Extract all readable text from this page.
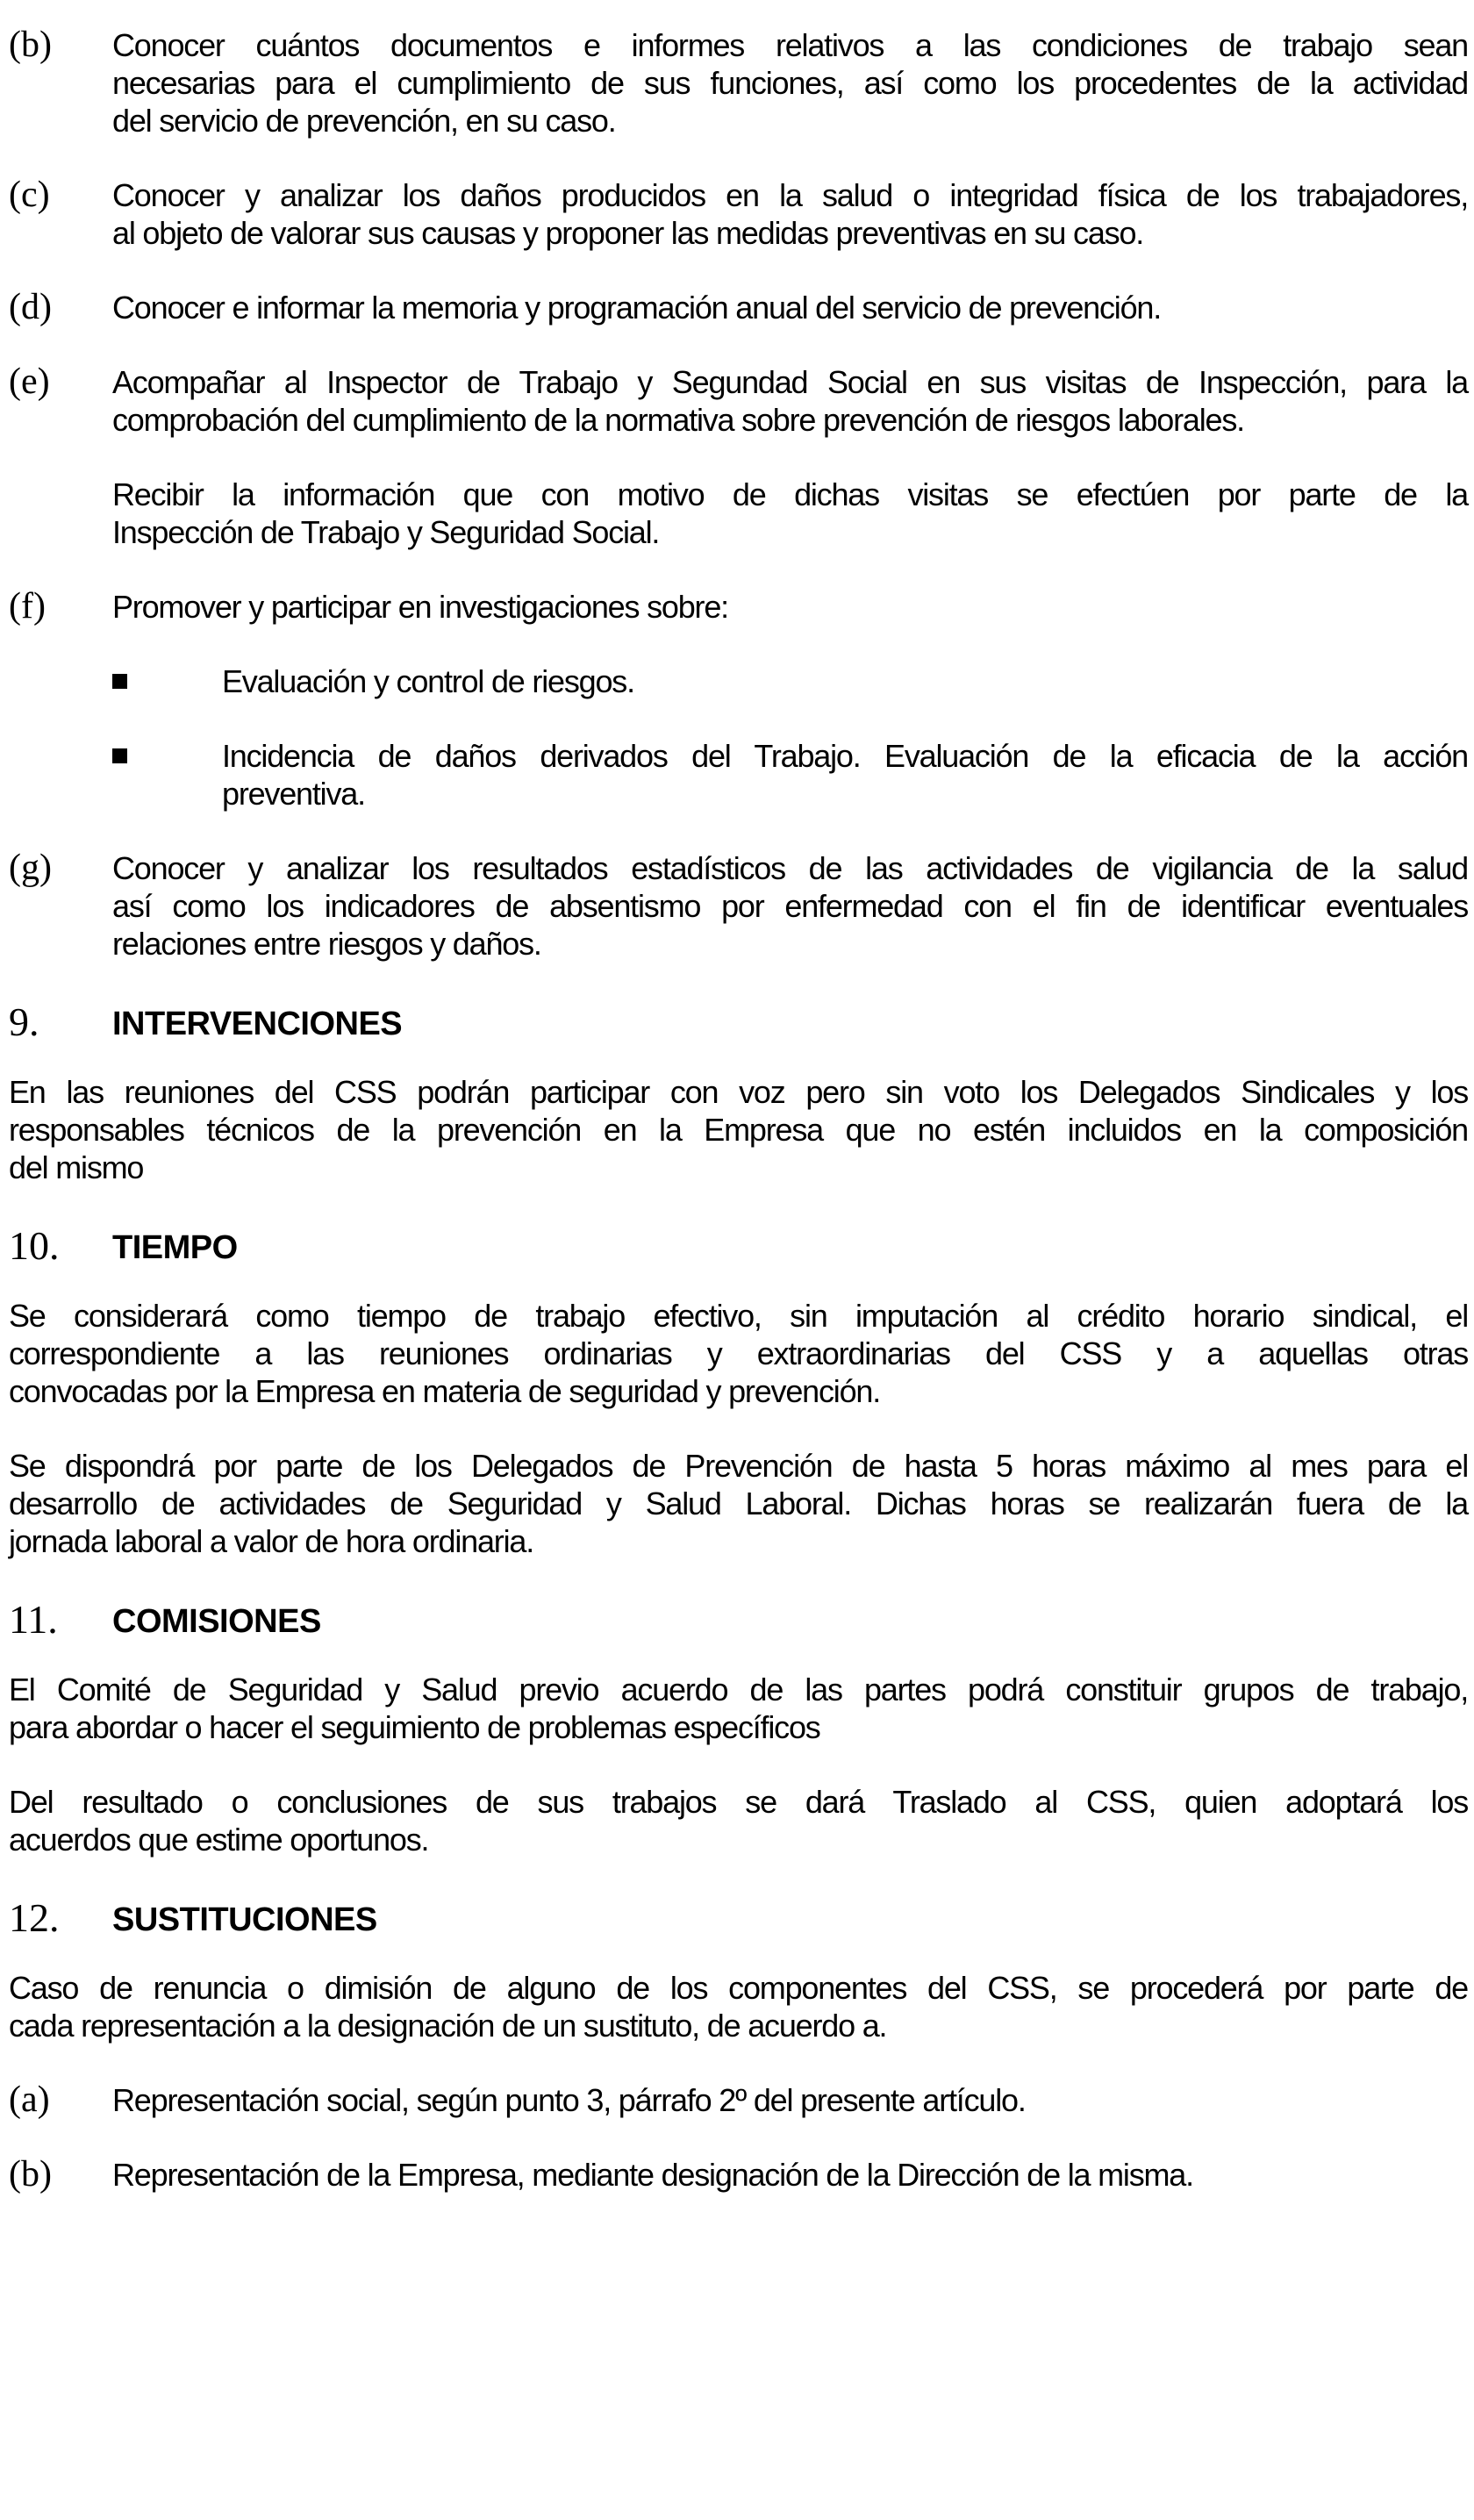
(b)	Conocer cuántos documentos e informes relativos a las condiciones de trabajo sean
necesarias para el cumplimiento de sus funciones, así como los procedentes de la actividad
del servicio de prevención, en su caso.
(c)	Conocer y analizar los daños producidos en la salud o integridad física de los trabajadores,
al objeto de valorar sus causas y proponer las medidas preventivas en su caso.
(d)	Conocer e informar la memoria y programación anual del servicio de prevención.
(e)	Acompañar al Inspector de Trabajo y Segundad Social en sus visitas de Inspección, para la
comprobación del cumplimiento de la normativa sobre prevención de riesgos laborales.
Recibir la información que con motivo de dichas visitas se efectúen por parte de la
Inspección de Trabajo y Seguridad Social.
(f)	Promover y participar en investigaciones sobre:
Evaluación y control de riesgos.
Incidencia de daños derivados del Trabajo. Evaluación de la eficacia de la acción
preventiva.
(g)	Conocer y analizar los resultados estadísticos de las actividades de vigilancia de la salud
así como los indicadores de absentismo por enfermedad con el fin de identificar eventuales
relaciones entre riesgos y daños.
9.	INTERVENCIONES
En las reuniones del CSS podrán participar con voz pero sin voto los Delegados Sindicales y los
responsables técnicos de la prevención en la Empresa que no estén incluidos en la composición
del mismo
10.	TIEMPO
Se considerará como tiempo de trabajo efectivo, sin imputación al crédito horario sindical, el
correspondiente a las reuniones ordinarias y extraordinarias del CSS y a aquellas otras
convocadas por la Empresa en materia de seguridad y prevención.
Se dispondrá por parte de los Delegados de Prevención de hasta 5 horas máximo al mes para el
desarrollo de actividades de Seguridad y Salud Laboral. Dichas horas se realizarán fuera de la
jornada laboral a valor de hora ordinaria.
11.	COMISIONES
El Comité de Seguridad y Salud previo acuerdo de las partes podrá constituir grupos de trabajo,
para abordar o hacer el seguimiento de problemas específicos
Del resultado o conclusiones de sus trabajos se dará Traslado al CSS, quien adoptará los
acuerdos que estime oportunos.
12.	SUSTITUCIONES
Caso de renuncia o dimisión de alguno de los componentes del CSS, se procederá por parte de
cada representación a la designación de un sustituto, de acuerdo a.
(a)	Representación social, según punto 3, párrafo 2º del presente artículo.
(b)	Representación de la Empresa, mediante designación de la Dirección de la misma.
